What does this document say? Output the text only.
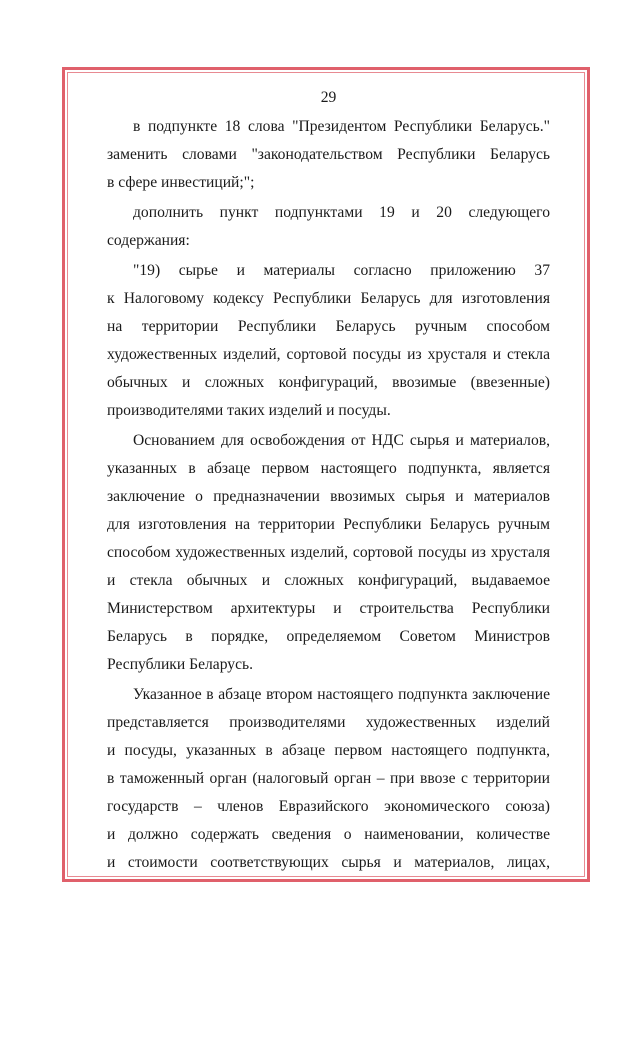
29
в подпункте 18 слова "Президентом Республики Беларусь."
заменить словами "законодательством Республики Беларусь
в сфере инвестиций;";
дополнить пункт подпунктами 19 и 20 следующего
содержания:
"19) сырье и материалы согласно приложению 37
к Налоговому кодексу Республики Беларусь для изготовления
на территории Республики Беларусь ручным способом
художественных изделий, сортовой посуды из хрусталя и стекла
обычных и сложных конфигураций, ввозимые (ввезенные)
производителями таких изделий и посуды.
Основанием для освобождения от НДС сырья и материалов,
указанных в абзаце первом настоящего подпункта, является
заключение о предназначении ввозимых сырья и материалов
для изготовления на территории Республики Беларусь ручным
способом художественных изделий, сортовой посуды из хрусталя
и стекла обычных и сложных конфигураций, выдаваемое
Министерством архитектуры и строительства Республики
Беларусь в порядке, определяемом Советом Министров
Республики Беларусь.
Указанное в абзаце втором настоящего подпункта заключение
представляется производителями художественных изделий
и посуды, указанных в абзаце первом настоящего подпункта,
в таможенный орган (налоговый орган – при ввозе с территории
государств – членов Евразийского экономического союза)
и должно содержать сведения о наименовании, количестве
и стоимости соответствующих сырья и материалов, лицах,
